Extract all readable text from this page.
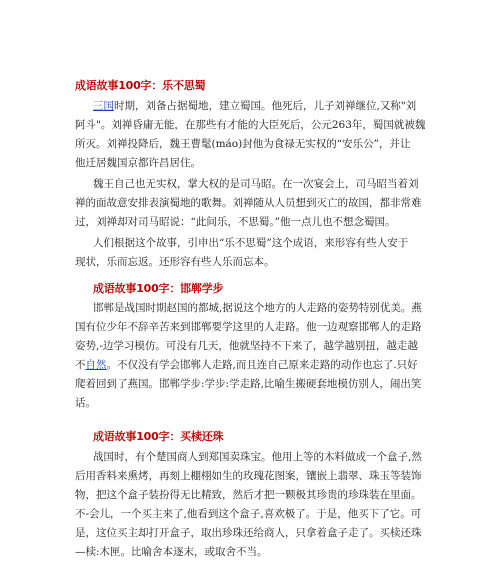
成语故事100字：乐不思蜀
三国时期，刘备占据蜀地，建立蜀国。他死后，儿子刘禅继位,又称"刘
阿斗"。刘禅昏庸无能，在那些有才能的大臣死后，公元263年，蜀国就被魏
所灭。刘禅投降后，魏王曹髦(máo)封他为食禄无实权的“安乐公”，并让
他迁居魏国京都许昌居住。
魏王自己也无实权，掌大权的是司马昭。在一次宴会上，司马昭当着刘
禅的面故意安排表演蜀地的歌舞。刘禅随从人员想到灭亡的故国，都非常难
过，刘禅却对司马昭说：“此间乐，不思蜀。”他一点儿也不想念蜀国。
人们根据这个故事，引申出“乐不思蜀”这个成语，来形容有些人安于
现状，乐而忘返。还形容有些人乐而忘本。
成语故事100字：邯郸学步
邯郸是战国时期赵国的都城,据说这个地方的人走路的姿势特别优美。燕
国有位少年不辞辛苦来到邯郸要学这里的人走路。他一边观察邯郸人的走路
姿势,-边学习模仿。可没有几天，他就坚持不下来了，越学越别扭，越走越
不自然。不仅没有学会邯郸人走路,而且连自己原来走路的动作也忘了.只好
爬着回到了燕国。邯郸学步:学步:学走路,比喻生搬硬套地模仿别人，闹出笑
话。
成语故事100字：买椟还珠
战国时，有个楚国商人到郑国卖珠宝。他用上等的木料做成一个盒子,然
后用香料来熏烤，再刻上棚栩如生的玫瑰花图案，镶嵌上翡翠、珠玉等装饰
物，把这个盒子装扮得无比精致，然后才把一颗极其珍贵的珍珠装在里面。
不-会儿，一个买主来了,他看到这个盒子,喜欢极了。于是，他买下了它。可
是，这位买主却打开盒子，取出珍珠还给商人，只拿着盒子走了。买椟还珠
—椟:木匣。比喻舍本逐末，或取舍不当。
